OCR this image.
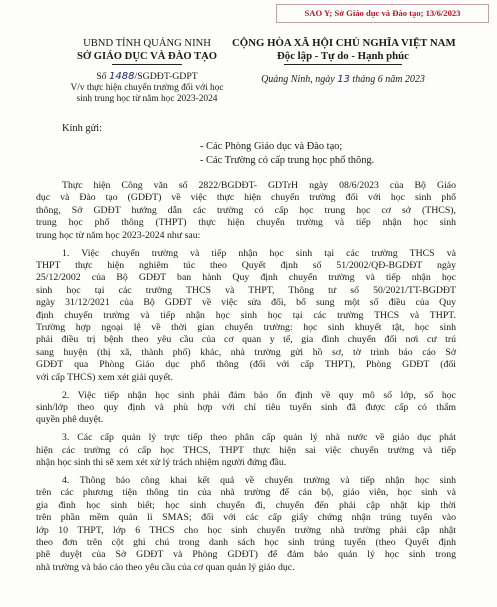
SAO Y; Sở Giáo dục và Đào tạo; 13/6/2023
UBND TỈNH QUẢNG NINH
SỞ GIÁO DỤC VÀ ĐÀO TẠO
Số 1488/SGDĐT-GDPT
V/v thực hiện chuyển trường đối với học
sinh trung học từ năm học 2023-2024
CỘNG HÒA XÃ HỘI CHỦ NGHĨA VIỆT NAM
Độc lập - Tự do - Hạnh phúc
Quảng Ninh, ngày 13 tháng 6 năm 2023
Kính gửi:
- Các Phòng Giáo dục và Đào tạo;
- Các Trường có cấp trung học phổ thông.
Thực hiện Công văn số 2822/BGDĐT- GDTrH ngày 08/6/2023 của Bộ Giáo
dục và Đào tạo (GDĐT) về việc thực hiện chuyển trường đối với học sinh phổ
thông, Sở GDĐT hướng dẫn các trường có cấp học trung học cơ sở (THCS),
trung học phổ thông (THPT) thực hiện chuyển trường và tiếp nhận học sinh
trung học từ năm học 2023-2024 như sau:
1. Việc chuyển trường và tiếp nhận học sinh tại các trường THCS và
THPT thực hiện nghiêm túc theo Quyết định số 51/2002/QĐ-BGDĐT ngày
25/12/2002 của Bộ GDĐT ban hành Quy định chuyển trường và tiếp nhận học
sinh học tại các trường THCS và THPT, Thông tư số 50/2021/TT-BGDĐT
ngày 31/12/2021 của Bộ GDĐT về việc sửa đổi, bổ sung một số điều của Quy
định chuyển trường và tiếp nhận học sinh học tại các trường THCS và THPT.
Trường hợp ngoại lệ về thời gian chuyển trường: học sinh khuyết tật, học sinh
phải điều trị bệnh theo yêu cầu của cơ quan y tế, gia đình chuyển đổi nơi cư trú
sang huyện (thị xã, thành phố) khác, nhà trường gửi hồ sơ, tờ trình báo cáo Sở
GDĐT qua Phòng Giáo dục phổ thông (đối với cấp THPT), Phòng GDĐT (đối
với cấp THCS) xem xét giải quyết.
2. Việc tiếp nhận học sinh phải đảm bảo ổn định về quy mô số lớp, số học
sinh/lớp theo quy định và phù hợp với chỉ tiêu tuyển sinh đã được cấp có thẩm
quyền phê duyệt.
3. Các cấp quản lý trực tiếp theo phân cấp quản lý nhà nước về giáo dục phát
hiện các trường có cấp học THCS, THPT thực hiện sai việc chuyển trường và tiếp
nhận học sinh thì sẽ xem xét xử lý trách nhiệm người đứng đầu.
4. Thông báo công khai kết quả về chuyển trường và tiếp nhận học sinh
trên các phương tiện thông tin của nhà trường để cán bộ, giáo viên, học sinh và
gia đình học sinh biết; học sinh chuyển đi, chuyển đến phải cập nhật kịp thời
trên phần mềm quản lí SMAS; đối với các cấp giấy chứng nhận trúng tuyển vào
lớp 10 THPT, lớp 6 THCS cho học sinh chuyển trường nhà trường phải cập nhật
theo đơn trên cột ghi chú trong danh sách học sinh trúng tuyển (theo Quyết định
phê duyệt của Sở GDĐT và Phòng GDĐT) để đảm bảo quản lý học sinh trong
nhà trường và báo cáo theo yêu cầu của cơ quan quản lý giáo dục.
